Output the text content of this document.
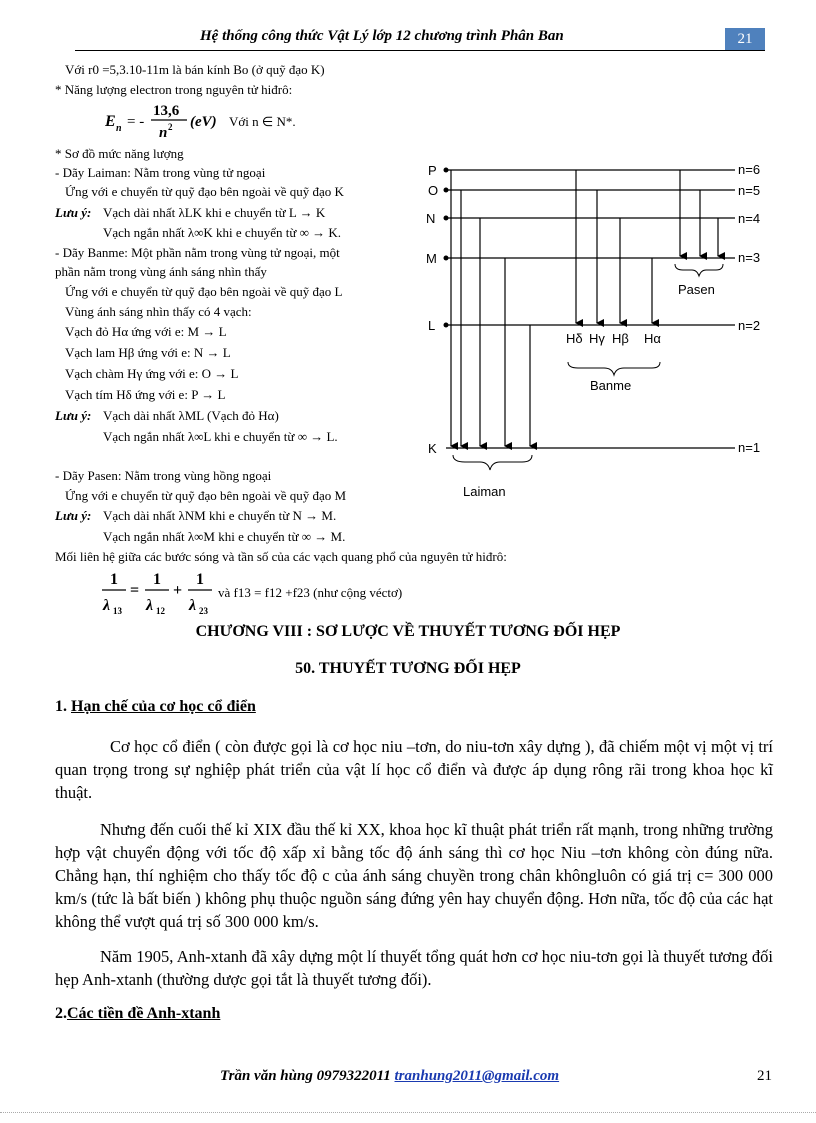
Hệ thống công thức Vật Lý lớp 12 chương trình Phân Ban	21
Với r0 =5,3.10-11m là bán kính Bo (ở quỹ đạo K)
* Năng lượng electron trong nguyên tử hiđrô:
E n = -
13,6
n 2 (eV) Với n ∈ N*.
* Sơ đồ mức năng lượng
- Dãy Laiman: Nằm trong vùng tử ngoại
Ứng với e chuyển từ quỹ đạo bên ngoài về quỹ đạo K
Lưu ý: Vạch dài nhất λLK khi e chuyển từ L → K
Vạch ngắn nhất λ∞K khi e chuyển từ ∞ → K.
- Dãy Banme: Một phần nằm trong vùng tử ngoại, một
phần nằm trong vùng ánh sáng nhìn thấy
Ứng với e chuyển từ quỹ đạo bên ngoài về quỹ đạo L
Vùng ánh sáng nhìn thấy có 4 vạch:
Vạch đỏ Hα ứng với e: M → L
Vạch lam Hβ ứng với e: N → L
Vạch chàm Hγ ứng với e: O → L
Vạch tím Hδ ứng với e: P → L
Lưu ý: Vạch dài nhất λML (Vạch đỏ Hα)
Vạch ngắn nhất λ∞L khi e chuyển từ ∞ → L.
- Dãy Pasen: Nằm trong vùng hồng ngoại
Ứng với e chuyển từ quỹ đạo bên ngoài về quỹ đạo M
Lưu ý: Vạch dài nhất λNM khi e chuyển từ N → M.
Vạch ngắn nhất λ∞M khi e chuyển từ ∞ → M.
Mối liên hệ giữa các bước sóng và tần số của các vạch quang phổ của nguyên tử hiđrô:
1
λ 13
=
1
λ 12
+
1
λ 23
và f13 = f12 +f23 (như cộng véctơ)
P
O
N
M
L
K
n=6
n=5
n=4
n=3
n=2
n=1
Pasen
Banme
Laiman
Hδ Hγ Hβ Hα
CHƯƠNG VIII : SƠ LƯỢC VỀ THUYẾT TƯƠNG ĐỐI HẸP
50. THUYẾT TƯƠNG ĐỐI HẸP
1. Hạn chế của cơ học cổ điển
Cơ học cổ điển ( còn được gọi là cơ học niu –tơn, do niu-tơn xây dựng ), đã chiếm một vị một vị trí quan trọng trong sự nghiệp phát triển của vật lí học cổ điển và được áp dụng rông rãi trong khoa học kĩ thuật.
Nhưng đến cuối thế kỉ XIX đầu thế kỉ XX, khoa học kĩ thuật phát triển rất mạnh, trong những trường hợp vật chuyển động với tốc độ xấp xỉ bằng tốc độ ánh sáng thì cơ học Niu –tơn không còn đúng nữa. Chẳng hạn, thí nghiệm cho thấy tốc độ c của ánh sáng chuyền trong chân khôngluôn có giá trị c= 300 000 km/s (tức là bất biến ) không phụ thuộc nguồn sáng đứng yên hay chuyển động. Hơn nữa, tốc độ của các hạt không thể vượt quá trị số 300 000 km/s.
Năm 1905, Anh-xtanh đã xây dựng một lí thuyết tổng quát hơn cơ học niu-tơn gọi là thuyết tương đối hẹp Anh-xtanh (thường dược gọi tắt là thuyết tương đối).
2.Các tiền đề Anh-xtanh
Trần văn hùng 0979322011 tranhung2011@gmail.com	21
